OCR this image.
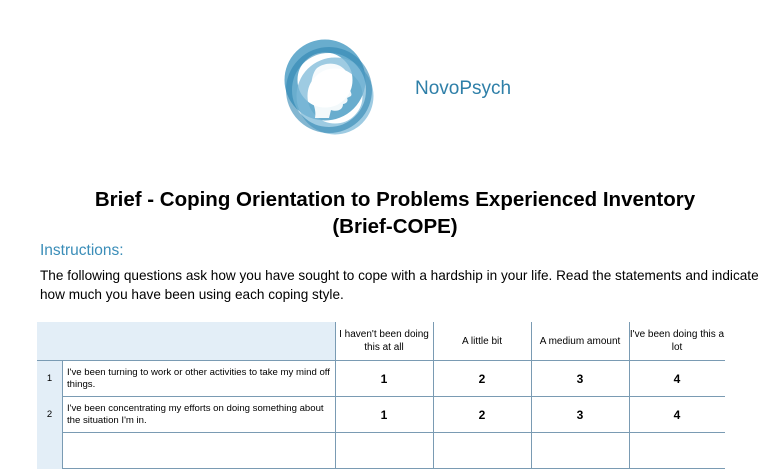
NovoPsych
Brief - Coping Orientation to Problems Experienced Inventory
(Brief-COPE)
Instructions:
The following questions ask how you have sought to cope with a hardship in your life. Read the statements and indicate how much you have been using each coping style.
		I haven't been doing this at all	A little bit	A medium amount	I've been doing this a lot
1	I've been turning to work or other activities to take my mind off things.	1	2	3	4
2	I've been concentrating my efforts on doing something about the situation I'm in.	1	2	3	4
